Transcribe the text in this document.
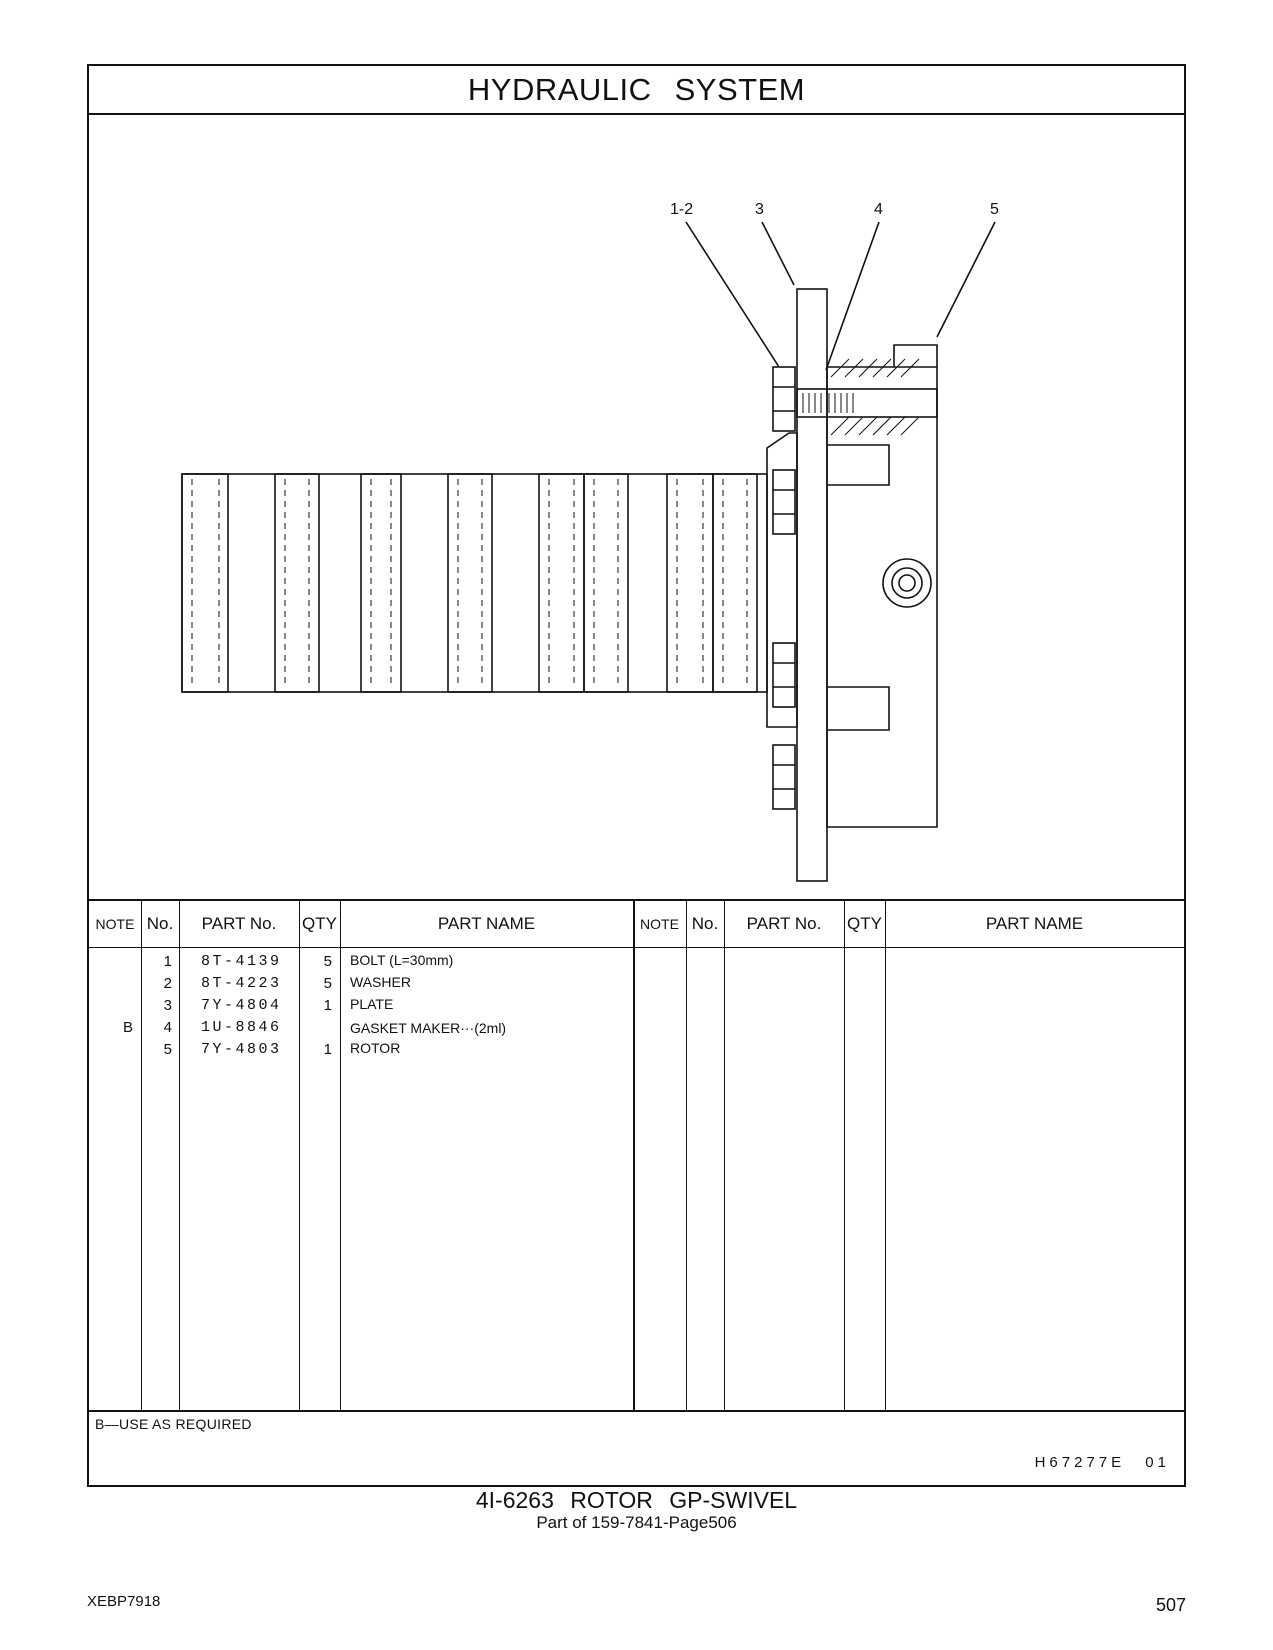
HYDRAULIC SYSTEM
1-2	3	4	5
NOTE No.	PART No.	QTY	PART NAME	NOTE No.	PART No.	QTY	PART NAME
1 8T-4139	5 BOLT (L=30mm)
2 8T-4223	5 WASHER
3 7Y-4804	1 PLATE
B	4 1U-8846	GASKET MAKER···(2ml)
5 7Y-4803	1 ROTOR
B—USE AS REQUIRED
H67277E 01
4I-6263 ROTOR GP-SWIVEL
Part of 159-7841-Page506
XEBP7918	507
